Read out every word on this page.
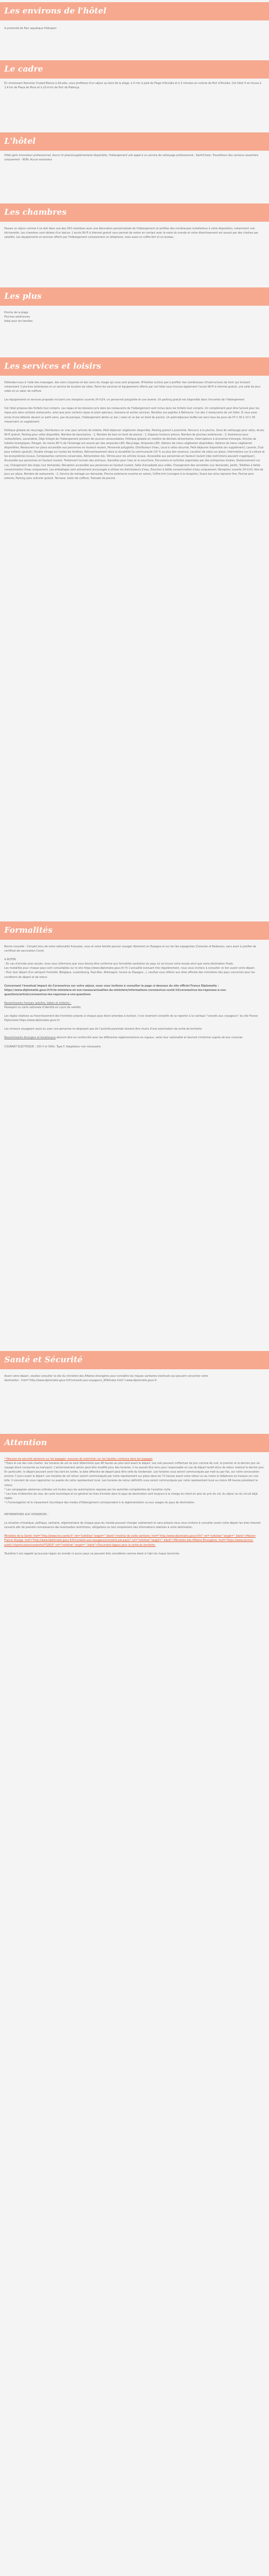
Les environs de l'hôtel

A proximité de Parc aquatique Hidroparc

Le cadre

En choisissant Iberostar Ciudad Blanca à Alcudia, vous profiterez d'un séjour au bord de la plage, à 4 min à pied de Plage d'Alcúdia et à 3 minutes en voiture de Port d'Alcúdia. Cet hôtel 4 se trouve à 2,4 km de Playa de Muro et à 10,4 km de Port de Pollença.

L'hôtel

Hôtel géré innovateur professionnel. Aucun lit pliant/supplémentaire disponible, l'hébergement soit appel à un service de nettoyage professionnel , EarthCheck, Travelifours des secteurs essentiels uniquement - NON; Aucun ascenseur

Les chambres

Passez un séjour comme il se doit dans une des 303 chambres avec une décoration personnalisée de l'hébergement et profitez des nombreuses installations à votre disposition, notamment une kitchenette. Les chambres sont dotées d'un balcon. L'accès Wi-Fi à Internet gratuit vous permet de rester en contact avec le reste du monde et votre divertissement est assuré par des chaînes par satellite. Les équipements et services offerts par l'hébergement comprennent un téléphone, mais aussi un coffre-fort et un bureau.

Les plus
Proche de la plage
Piscines extérieures
Idéal pour les familles
Les services et loisirs

Détendez-vous à l'aide des massages, des soins corporels et des soins du visage qui vous sont proposés. N'hésitez surtout pas à profiter des nombreuses infrastructures de loisir qui incluent notamment 3 piscines extérieures et un service de location de vélos. Parmi les services et équipements offerts par cet hôtel vous trouvez également l'accès Wi-Fi à Internet gratuit, une salle de jeux vidéo et un salon de coiffure.

Les équipements et services proposés incluent une réception ouverte 24 h/24, un personnel polyglotte et une laverie. Un parking gratuit est disponible dans l'enceinte de l'hébergement.

Cet hôtel propose des forfaits tout compris. Les repas et les boissons pris dans les restaurants de l'hébergement sont inclus dans les forfaits tout compris. Un complément peut être facturé pour les repas pris dans certains restaurants, ainsi que pour certains repas et plats spéciaux, boissons et autres services. Révellez vos papilles à Bellveure, l'un des 2 restaurants de cet hôtel. Si vous avez envie d'une détente devant un petit verre, pas de panique, l'hébergement abrite un bar / salon et un bar en bord de piscine. Un petit-déjeuner buffet est servi tous les jours de 07 h 30 à 10 h 30 moyennant un supplément.

Politique globale de recyclage, Distributeur en vrac pour articles de toilette, Petit-déjeuner végétarien disponible, Parking gratuit à proximité, Parcours à la piscine, Zone de nettoyage pour vélos, Accès Wi-Fi gratuit, Parking pour vélos disponible, Nombre de bars/salons : 1, Nombre de bars en bord de piscine : 1, Espaces fumeurs prévus, Nombre de piscines extérieures : 3, Assistance pour visites/billets, Lavandérie, Déjà Intégré de l'hébergement provient de sources renouvelables, Politique globale en matière de déchets alimentaires, Interrupteurs à économie d'énergie, Articles de toilette écologiques, Potager, Au moins 80 % de l'éclairage est assuré par des ampoules LED, Recyclage, Ampoules LED, Options de menu végétarien disponibles, Options de menu végétarien disponibles, Restaurant sur place accessible aux personnes en fauteuil roulant, Personnel polyglotte, Distributeur d'eau, Local à vélos sécurisé, Petit-déjeuner disponible (en supplément), Laverie, Club pour enfants (gratuit), Double vitrage sur toutes les fenêtres, Réinvestissement dans la durabilité (la communauté (10 % ou plus des revenus), Location de vélos sur place, Informations sur la culture et les écosystèmes locaux, Composantes cartonne conservées, Alimentation bio, Vitrine pour les articles locaux, Accessible aux personnes en fauteuil roulant (des restrictions peuvent s'appliquer), Accessible aux personnes en fauteuil roulant, Traitement humain des animaux, Gamelles pour l'eau et la nourriture, Excursions et activités organisées par des entreprises locales, Stationnement sur rue, Changement des draps (sur demande), Réception accessible aux personnes en fauteuil roulant, Salle d'arcade/de jeux vidéo, Changement des serviettes (sur demande), Jardin, Toilettes à faible consommation d'eau uniquement, Les emballages sont activement encouragés à utiliser les distributeurs d'eau, Douches à faible consommation d'eau uniquement, Réception ouverte 24 h/24, Aire de jeux sur place, Nombre de restaurants : 2, Service de ménage sur demande, Piscine extérieure ouverte en saison, Coffre-fort (consigne à la réception, Snack bar et/ou épicerie fine, Piscine pour enfants, Parking sans voiturier gratuit, Terrasse, Salon de coiffure, Transats de piscine

Formalités

Bonne nouvelle : Compte tenu de votre nationalité française, vous et votre famille pouvez voyager librement en Espagne et sur les îles espagnoles (Canaries et Baléares), sans avoir à justifier de certificat de vaccination Covid.

A NOTER

- En cas d'arrivée avec escale, nous vous informons que vous devrez être conforme aux formalités sanitaires du pays où se trouve votre escale ainsi que votre destination finale.

Les modalités pour chaque pays sont consultables sur le site https://www.diplomatie.gouv.fr/ fr/ L'actualité évoluant très régulièrement, nous vous invitons à consulter ce lien avant votre départ.

- Pour tout départ d'un aéroport frontalier (Belgique, Luxembourg, Pays-Bas, Allemagne, Suisse ou Espagne...), veuillez vous référer aux sites officiels des ministères des pays concernés pour les conditions de départ et de retour.

Concernant l'éventuel impact du Coronavirus sur votre séjour, nous vous invitons à consulter la page ci-dessous du site officiel France Diplomatie : https://www.diplomatie.gouv.fr/fr/le-ministere-et-son-reseau/actualites-du-ministere/informations-coronavirus-covid-19/coronavirus-les-reponses-a-vos-questions/article/coronavirus-les-reponses-a-vos-questions

Ressortissants français (adultes, bébés et enfants) :

Passeport ou carte nationale d'identité en cours de validité.

Les règles relatives au franchissement des frontières propres à chaque pays étant amenées à évoluer, il est vivement conseillé de se reporter à la rubrique "conseils aux voyageurs" du site France Diplomatie:https://www.diplomatie.gouv.fr/

Les mineurs voyageant seuls ou avec une personne ne disposant pas de l'autorité parentale doivent être munis d'une autorisation de sortie de territoire.

Ressortissants étrangers et binationaux devront être en conformité avec les différentes réglementations en vigueur, selon leur nationalité et devront s'informer auprès de leur consulat.

COURANT ELECTRIQUE : 230 V et 50Hz. Type F. Adaptateur non nécessaire.

Santé et Sécurité

Avant votre départ, veuillez consulter le site du ministère des Affaires étrangères pour connaître les risques sanitaires éventuels qui peuvent concerner votre

destination : href="http://www.diplomatie.gouv.fr/fr/conseils-aux-voyageurs_909/index.html">www.diplomatie.gouv.fr

Attention

* Mesures de sécurité aérienne sur les bagages: mesures de restriction sur les liquides contenus dans les bagages

* Dans le cas des vols charter, les horaires de vol ne sont déterminés que 48 heures au plus tard avant le départ. Les vols peuvent s'effectuer de jour comme de nuit, le premier et le dernier jour du voyage étant consacrés au transport. L'acheminement aérien peut être modifié pour des horaires. Il ne saurait être tenu pour responsable en cas de départ tardif et/ou de retour matinal le dernier jour. En particulier, le départ pouvant avoir lieu tard en soirée, la date effective de départ peut être celle du lendemain. Les horaires vous seront communiqués par mail ou par fax, sur votre convocation environ 7 jours avant le départ. Les horaires de vol retour seront communiqués par notre représentant sur place dans les 72 heures avant votre retour ou au moins le téléphone ou travaux sur une bille. Il convient de vous rapprocher ou auprès de notre représentant local. Les horaires de retour définitifs vous seront communiqués par notre représentant local au moins 48 heures précédant le retour.

* Les compagnies aériennes utilisées ont toutes reçu les autorisations requises par les autorités compétentes de l'aviation civile.

* Les frais d'obtention de visa, de carte touristique et en général les frais d'entrée dans le pays de destination sont toujours à la charge du client en plus du prix du vol, du séjour ou du circuit déjà réglés.

* L'homologation et le classement touristique des modes d'hébergement correspondent à la réglementation ou aux usages du pays de destination.

INFORMATIONS AUX VOYAGEURS :

La situation climatique, politique, sanitaire, réglementaire de chaque pays du monde pouvant changer subitement et sans préavis nous vous invitons à consulter avant votre départ les sites Internet suivants afin de prendre connaissance des éventuelles restrictions, obligations ou tout simplement des informations relatives à votre destination.

Ministère de la Santé: href="http://www.invs.sante.fr" rel="nofollow" target="_blank">Institut de veille sanitaire; href="http://www.diplomatie.gouv.fr/fr/" rel="nofollow" target="_blank">Maison France Voyage. href="http://www.diplomatie.gouv.fr/fr/conseils-aux-voyageurs/conseils-par-pays/" rel="nofollow" target="_blank">Ministère des Affaires Etrangères. href="https://www.service-public.fr/particuliers/vosdroits/F32820" rel="nofollow" target="_blank">Document légaux pour la sortie du territoire.

Toutefois il est rappelé qu'aucune région du monde ni aucun pays ne peuvent être considérés comme étant à l'abri du risque terroriste.
